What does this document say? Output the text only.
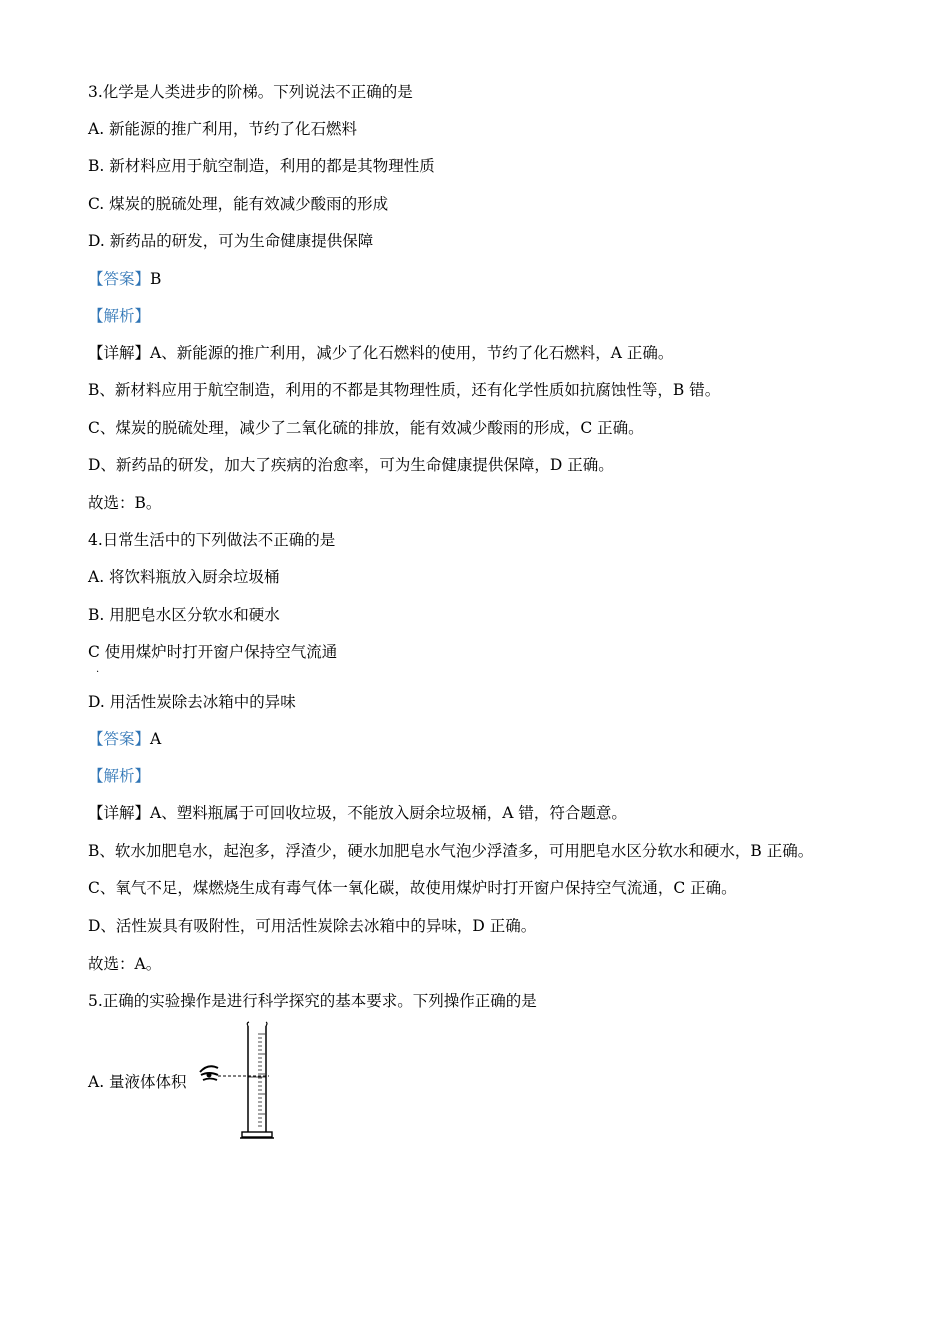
3.化学是人类进步的阶梯。下列说法不正确的是
A. 新能源的推广利用，节约了化石燃料
B. 新材料应用于航空制造，利用的都是其物理性质
C. 煤炭的脱硫处理，能有效减少酸雨的形成
D. 新药品的研发，可为生命健康提供保障
【答案】B
【解析】
【详解】A、新能源的推广利用，减少了化石燃料的使用，节约了化石燃料，A 正确。
B、新材料应用于航空制造，利用的不都是其物理性质，还有化学性质如抗腐蚀性等，B 错。
C、煤炭的脱硫处理，减少了二氧化硫的排放，能有效减少酸雨的形成，C 正确。
D、新药品的研发，加大了疾病的治愈率，可为生命健康提供保障，D 正确。
故选：B。
4.日常生活中的下列做法不正确的是
A. 将饮料瓶放入厨余垃圾桶
B. 用肥皂水区分软水和硬水
C 使用煤炉时打开窗户保持空气流通
.
D. 用活性炭除去冰箱中的异味
【答案】A
【解析】
【详解】A、塑料瓶属于可回收垃圾，不能放入厨余垃圾桶，A 错，符合题意。
B、软水加肥皂水，起泡多，浮渣少，硬水加肥皂水气泡少浮渣多，可用肥皂水区分软水和硬水，B 正确。
C、氧气不足，煤燃烧生成有毒气体一氧化碳，故使用煤炉时打开窗户保持空气流通，C 正确。
D、活性炭具有吸附性，可用活性炭除去冰箱中的异味，D 正确。
故选：A。
5.正确的实验操作是进行科学探究的基本要求。下列操作正确的是
A. 量液体体积
